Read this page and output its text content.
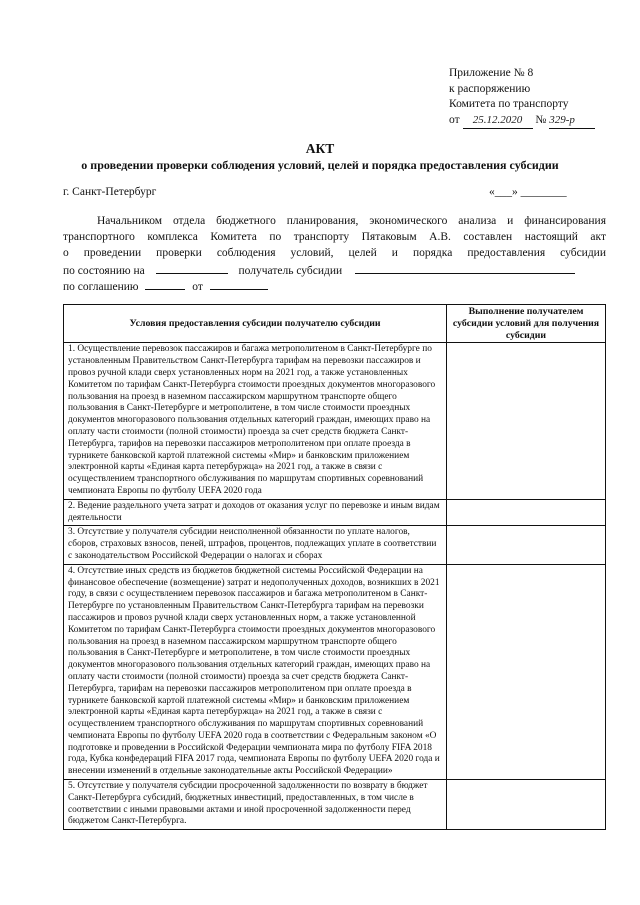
Приложение № 8
к распоряжению
Комитета по транспорту
от 25.12.2020 № 329-р
АКТ
о проведении проверки соблюдения условий, целей и порядка предоставления субсидии
г. Санкт-Петербург	«___» ________
Начальником отдела бюджетного планирования, экономического анализа и финансирования
транспортного комплекса Комитета по транспорту Пятаковым А.В. составлен настоящий акт
о проведении проверки соблюдения условий, целей и порядка предоставления субсидии
по состоянию на	получатель субсидии
по соглашению	от
Условия предоставления субсидии получателю субсидии	Выполнение получателем субсидии условий для получения субсидии
1. Осуществление перевозок пассажиров и багажа метрополитеном в Санкт-Петербурге по установленным Правительством Санкт-Петербурга тарифам на перевозки пассажиров и провоз ручной клади сверх установленных норм на 2021 год, а также установленных Комитетом по тарифам Санкт-Петербурга стоимости проездных документов многоразового пользования на проезд в наземном пассажирском маршрутном транспорте общего пользования в Санкт-Петербурге и метрополитене, в том числе стоимости проездных документов многоразового пользования отдельных категорий граждан, имеющих право на оплату части стоимости (полной стоимости) проезда за счет средств бюджета Санкт-Петербурга, тарифов на перевозки пассажиров метрополитеном при оплате проезда в турникете банковской картой платежной системы «Мир» и банковским приложением электронной карты «Единая карта петербуржца» на 2021 год, а также в связи с осуществлением транспортного обслуживания по маршрутам спортивных соревнований чемпионата Европы по футболу UEFA 2020 года	
2. Ведение раздельного учета затрат и доходов от оказания услуг по перевозке и иным видам деятельности	
3. Отсутствие у получателя субсидии неисполненной обязанности по уплате налогов, сборов, страховых взносов, пеней, штрафов, процентов, подлежащих уплате в соответствии с законодательством Российской Федерации о налогах и сборах	
4. Отсутствие иных средств из бюджетов бюджетной системы Российской Федерации на финансовое обеспечение (возмещение) затрат и недополученных доходов, возникших в 2021 году, в связи с осуществлением перевозок пассажиров и багажа метрополитеном в Санкт-Петербурге по установленным Правительством Санкт-Петербурга тарифам на перевозки пассажиров и провоз ручной клади сверх установленных норм, а также установленной Комитетом по тарифам Санкт-Петербурга стоимости проездных документов многоразового пользования на проезд в наземном пассажирском маршрутном транспорте общего пользования в Санкт-Петербурге и метрополитене, в том числе стоимости проездных документов многоразового пользования отдельных категорий граждан, имеющих право на оплату части стоимости (полной стоимости) проезда за счет средств бюджета Санкт-Петербурга, тарифам на перевозки пассажиров метрополитеном при оплате проезда в турникете банковской картой платежной системы «Мир» и банковским приложением электронной карты «Единая карта петербуржца» на 2021 год, а также в связи с осуществлением транспортного обслуживания по маршрутам спортивных соревнований чемпионата Европы по футболу UEFA 2020 года в соответствии с Федеральным законом «О подготовке и проведении в Российской Федерации чемпионата мира по футболу FIFA 2018 года, Кубка конфедераций FIFA 2017 года, чемпионата Европы по футболу UEFA 2020 года и внесении изменений в отдельные законодательные акты Российской Федерации»	
5. Отсутствие у получателя субсидии просроченной задолженности по возврату в бюджет Санкт-Петербурга субсидий, бюджетных инвестиций, предоставленных, в том числе в соответствии с иными правовыми актами и иной просроченной задолженности перед бюджетом Санкт-Петербурга.	
